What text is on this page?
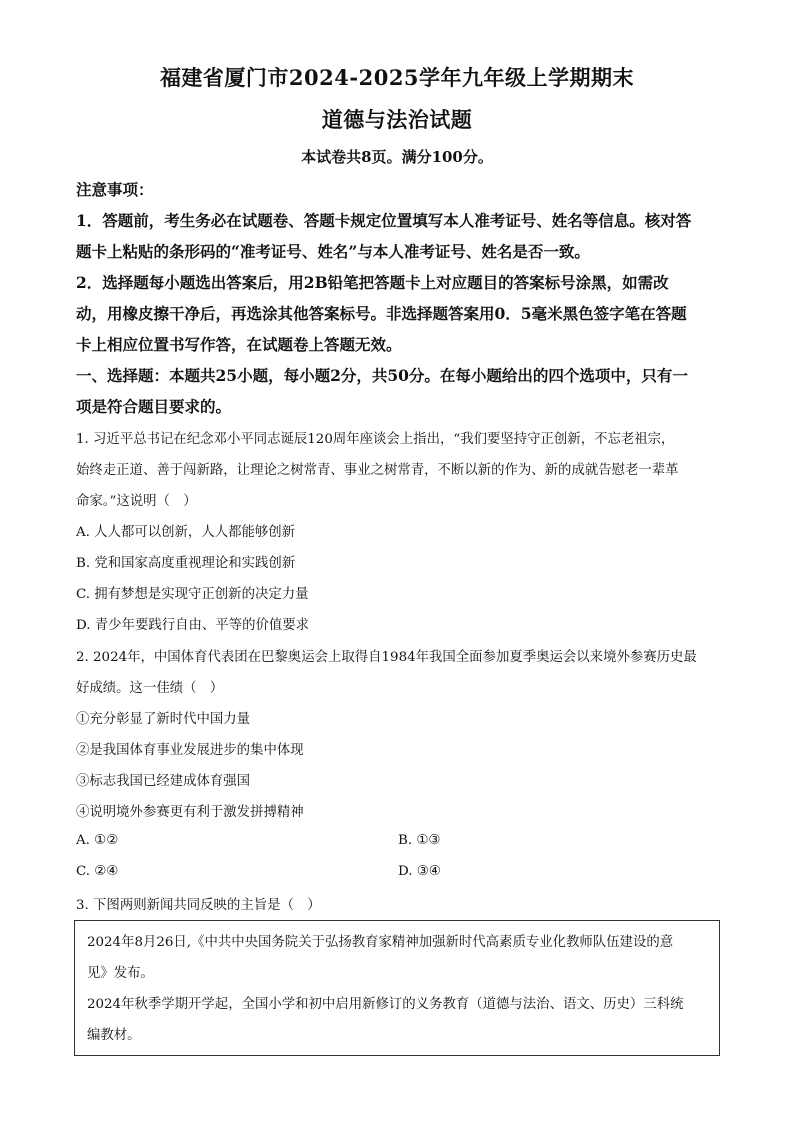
福建省厦门市2024-2025学年九年级上学期期末
道德与法治试题
本试卷共8页。满分100分。
注意事项：
1．答题前，考生务必在试题卷、答题卡规定位置填写本人准考证号、姓名等信息。核对答
题卡上粘贴的条形码的“准考证号、姓名”与本人准考证号、姓名是否一致。
2．选择题每小题选出答案后，用2B铅笔把答题卡上对应题目的答案标号涂黑，如需改
动，用橡皮擦干净后，再选涂其他答案标号。非选择题答案用0．5毫米黑色签字笔在答题
卡上相应位置书写作答，在试题卷上答题无效。
一、选择题：本题共25小题，每小题2分，共50分。在每小题给出的四个选项中，只有一
项是符合题目要求的。
1. 习近平总书记在纪念邓小平同志诞辰120周年座谈会上指出，“我们要坚持守正创新，不忘老祖宗，
始终走正道、善于闯新路，让理论之树常青、事业之树常青，不断以新的作为、新的成就告慰老一辈革
命家。”这说明（　）
A. 人人都可以创新，人人都能够创新
B. 党和国家高度重视理论和实践创新
C. 拥有梦想是实现守正创新的决定力量
D. 青少年要践行自由、平等的价值要求
2. 2024年，中国体育代表团在巴黎奥运会上取得自1984年我国全面参加夏季奥运会以来境外参赛历史最
好成绩。这一佳绩（　）
①充分彰显了新时代中国力量
②是我国体育事业发展进步的集中体现
③标志我国已经建成体育强国
④说明境外参赛更有利于激发拼搏精神
A. ①②	B. ①③
C. ②④	D. ③④
3. 下图两则新闻共同反映的主旨是（　）
2024年8月26日,《中共中央国务院关于弘扬教育家精神加强新时代高素质专业化教师队伍建设的意
见》发布。
2024年秋季学期开学起，全国小学和初中启用新修订的义务教育（道德与法治、语文、历史）三科统
编教材。
